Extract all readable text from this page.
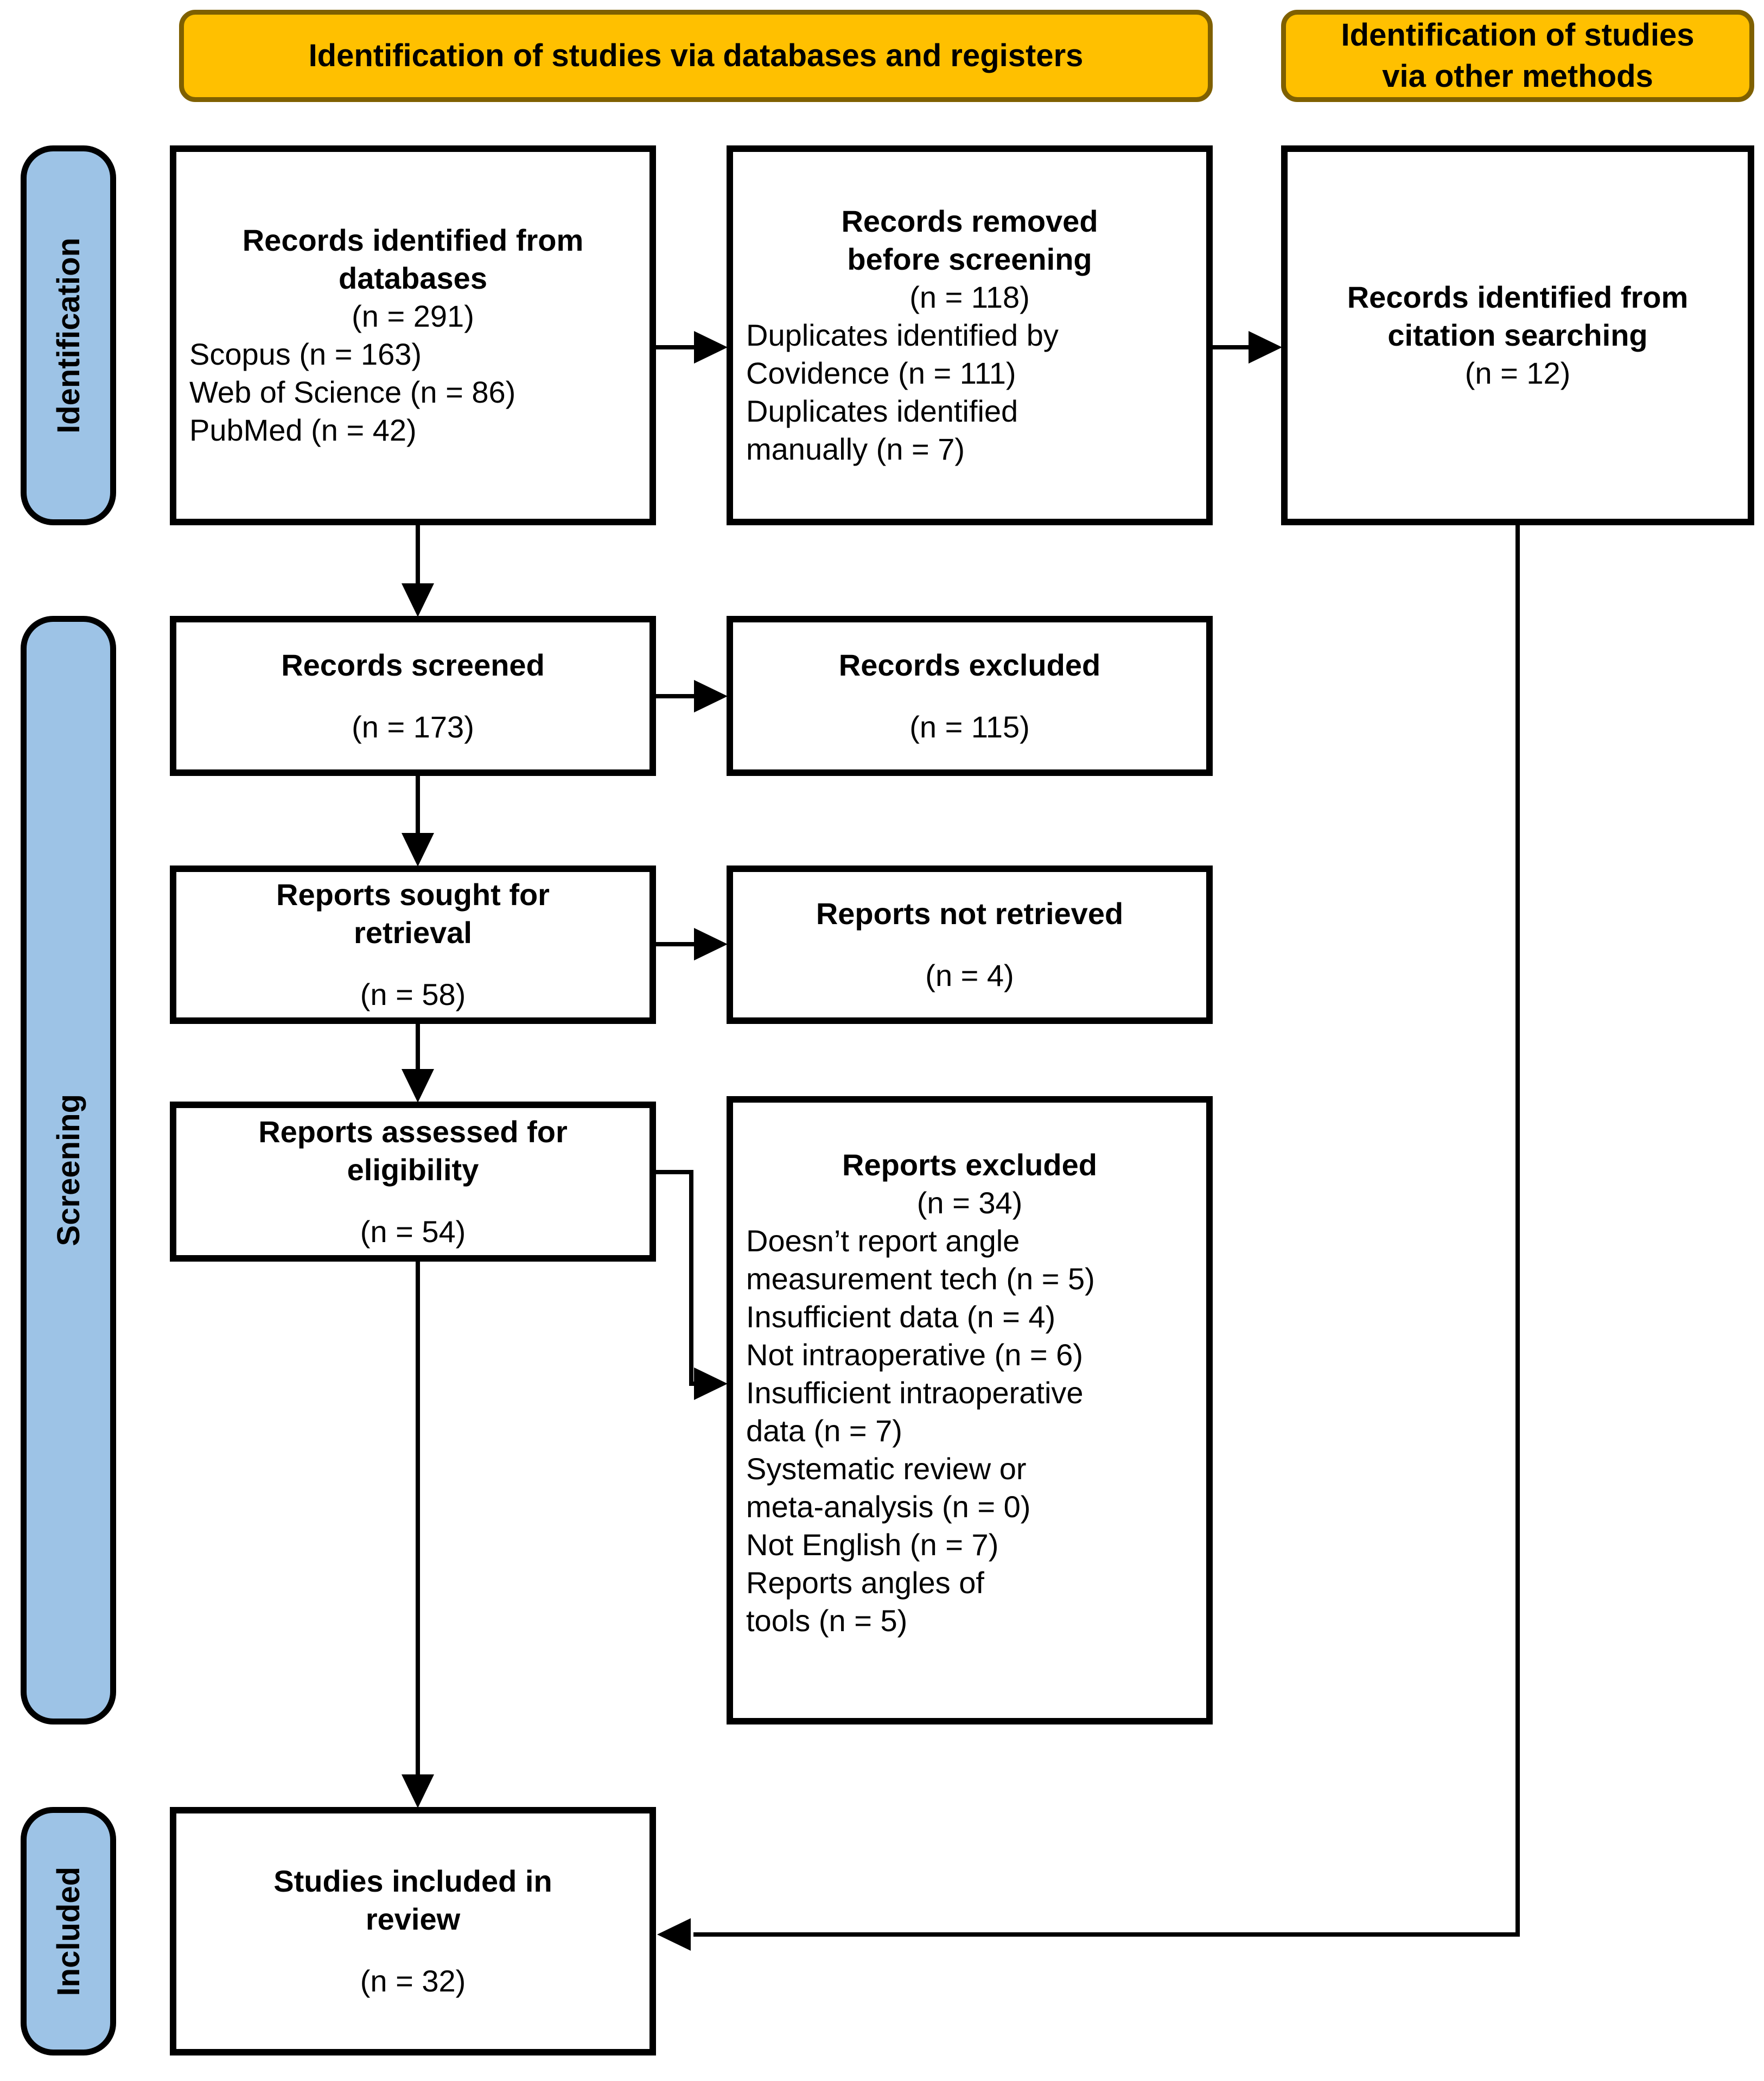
Identification of studies via databases and registers
Identification of studies
via other methods
Identification
Screening
Included
Records identified from
databases
(n = 291)
Scopus (n = 163)
Web of Science (n = 86)
PubMed (n = 42)
Records removed
before screening
(n = 118)
Duplicates identified by
Covidence (n = 111)
Duplicates identified
manually (n = 7)
Records identified from
citation searching
(n = 12)
Records screened
(n = 173)
Records excluded
(n = 115)
Reports sought for
retrieval
(n = 58)
Reports not retrieved
(n = 4)
Reports assessed for
eligibility
(n = 54)
Reports excluded
(n = 34)
Doesn’t report angle
measurement tech (n = 5)
Insufficient data (n = 4)
Not intraoperative (n = 6)
Insufficient intraoperative
data (n = 7)
Systematic review or
meta-analysis (n = 0)
Not English (n = 7)
Reports angles of
tools (n = 5)
Studies included in
review
(n = 32)
